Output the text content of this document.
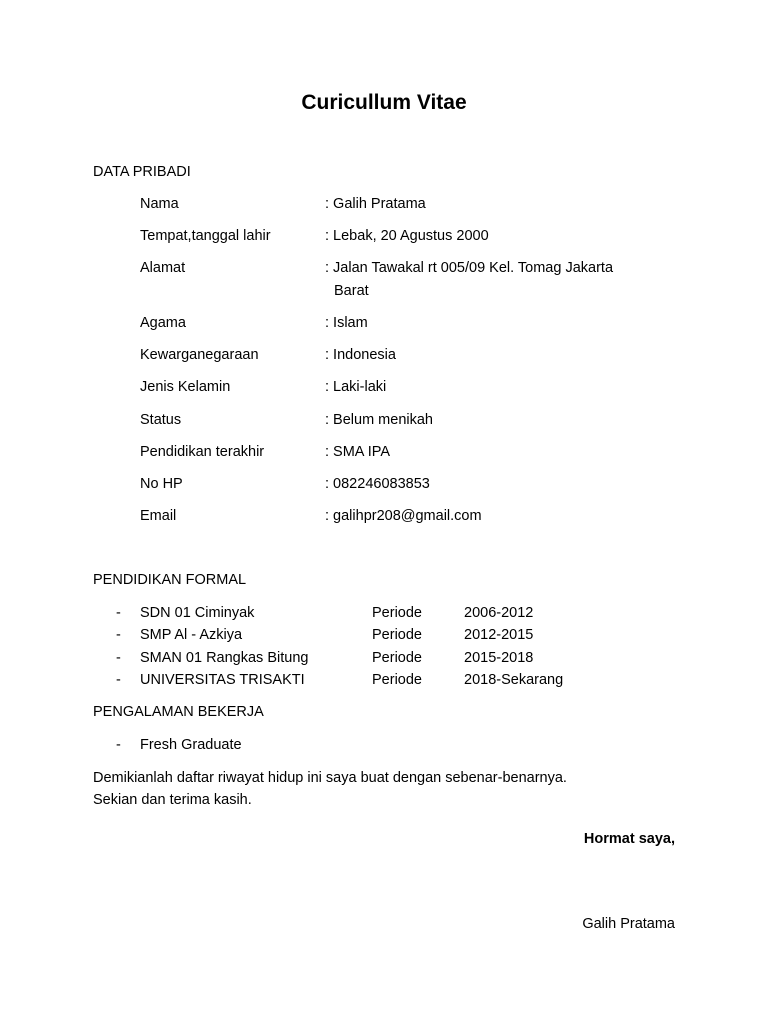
Curicullum Vitae
DATA PRIBADI
Nama	: Galih Pratama
Tempat,tanggal lahir	: Lebak, 20 Agustus 2000
Alamat	: Jalan Tawakal rt 005/09 Kel. Tomag Jakarta
Barat
Agama	: Islam
Kewarganegaraan	: Indonesia
Jenis Kelamin	: Laki-laki
Status	: Belum menikah
Pendidikan terakhir	: SMA IPA
No HP	: 082246083853
Email	: galihpr208@gmail.com
PENDIDIKAN FORMAL
- SDN 01 Ciminyak	Periode	2006-2012
- SMP Al - Azkiya	Periode	2012-2015
- SMAN 01 Rangkas Bitung	Periode	2015-2018
- UNIVERSITAS TRISAKTI	Periode	2018-Sekarang
PENGALAMAN BEKERJA
- Fresh Graduate
Demikianlah daftar riwayat hidup ini saya buat dengan sebenar-benarnya.
Sekian dan terima kasih.
Hormat saya,
Galih Pratama
